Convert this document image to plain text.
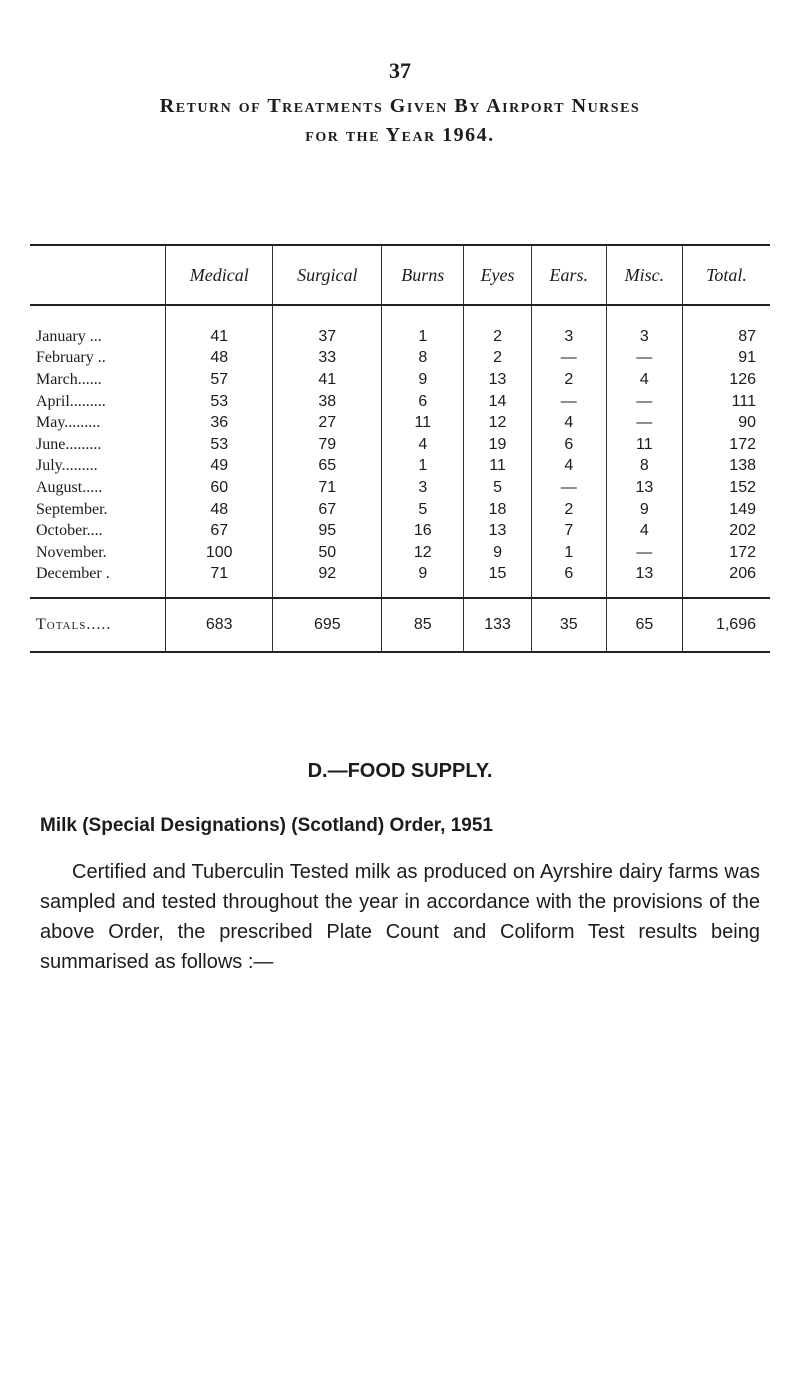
37
Return of Treatments Given By Airport Nurses
for the Year 1964.
	Medical	Surgical	Burns	Eyes	Ears.	Misc.	Total.
January ...	41	37	1	2	3	3	87
February ..	48	33	8	2	—	—	91
March......	57	41	9	13	2	4	126
April.........	53	38	6	14	—	—	111
May.........	36	27	11	12	4	—	90
June.........	53	79	4	19	6	11	172
July.........	49	65	1	11	4	8	138
August.....	60	71	3	5	—	13	152
September.	48	67	5	18	2	9	149
October....	67	95	16	13	7	4	202
November.	100	50	12	9	1	—	172
December .	71	92	9	15	6	13	206
Totals.....	683	695	85	133	35	65	1,696
D.—FOOD SUPPLY.
Milk (Special Designations) (Scotland) Order, 1951
Certified and Tuberculin Tested milk as produced on Ayrshire dairy farms was sampled and tested throughout the year in accordance with the provisions of the above Order, the prescribed Plate Count and Coliform Test results being summarised as follows :—
